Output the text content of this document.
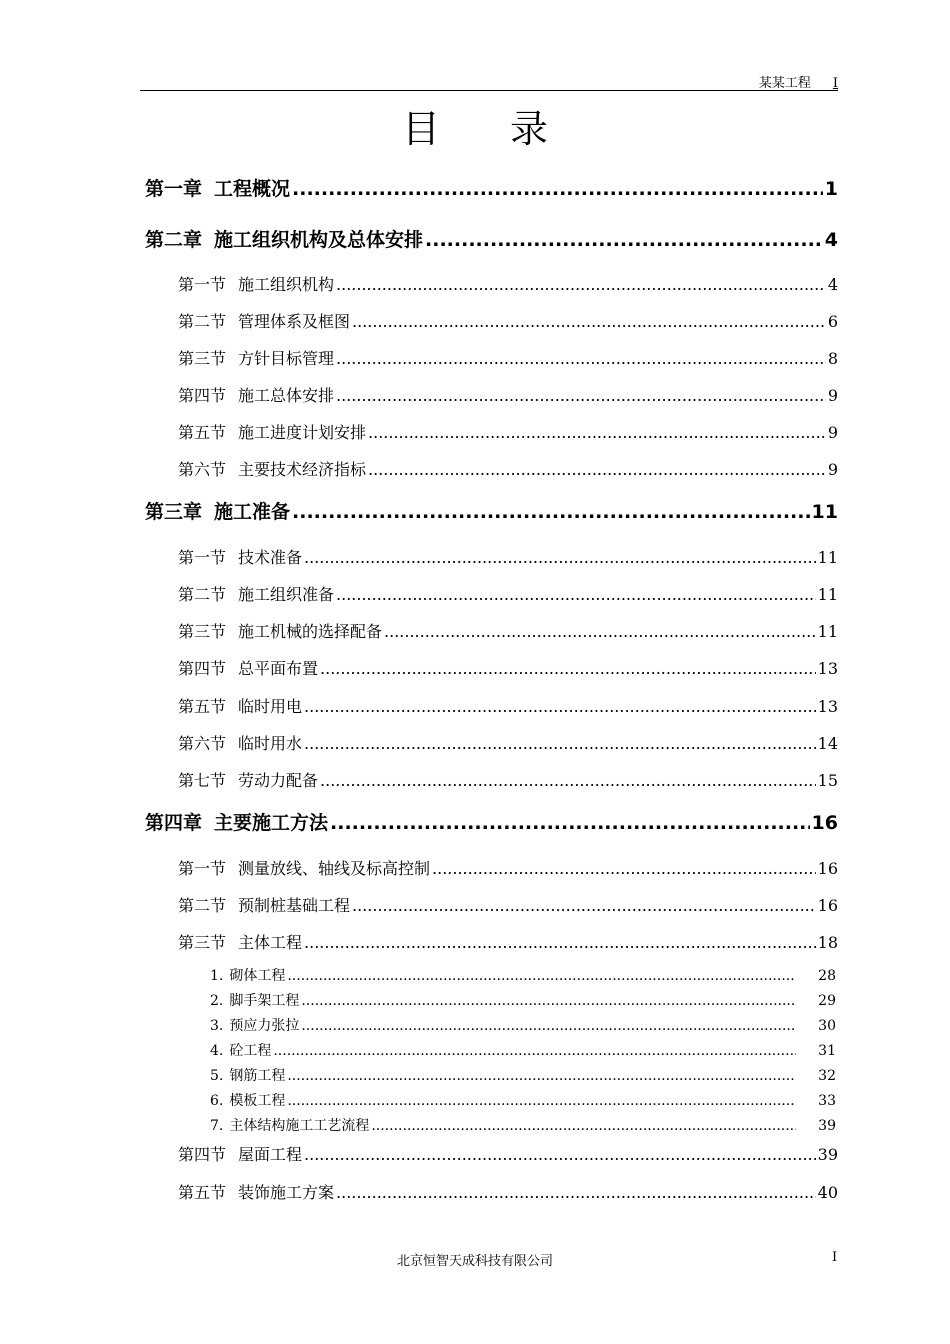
某某工程 I
目 录
第一章 工程概况 .....	1
第二章 施工组织机构及总体安排 .....	4
第一节 施工组织机构 .....	4
第二节 管理体系及框图 .....	6
第三节 方针目标管理 .....	8
第四节 施工总体安排 .....	9
第五节 施工进度计划安排 .....	9
第六节 主要技术经济指标 .....	9
第三章 施工准备 .....	11
第一节 技术准备 .....	11
第二节 施工组织准备 .....	11
第三节 施工机械的选择配备 .....	11
第四节 总平面布置 .....	13
第五节 临时用电 .....	13
第六节 临时用水 .....	14
第七节 劳动力配备 .....	15
第四章 主要施工方法 .....	16
第一节 测量放线、轴线及标高控制 .....	16
第二节 预制桩基础工程 .....	16
第三节 主体工程 .....	18
1. 砌体工程 .....	28
2. 脚手架工程 .....	29
3. 预应力张拉 .....	30
4. 砼工程 .....	31
5. 钢筋工程 .....	32
6. 模板工程 .....	33
7. 主体结构施工工艺流程 .....	39
第四节 屋面工程 .....	39
第五节 装饰施工方案 .....	40
北京恒智天成科技有限公司	I
